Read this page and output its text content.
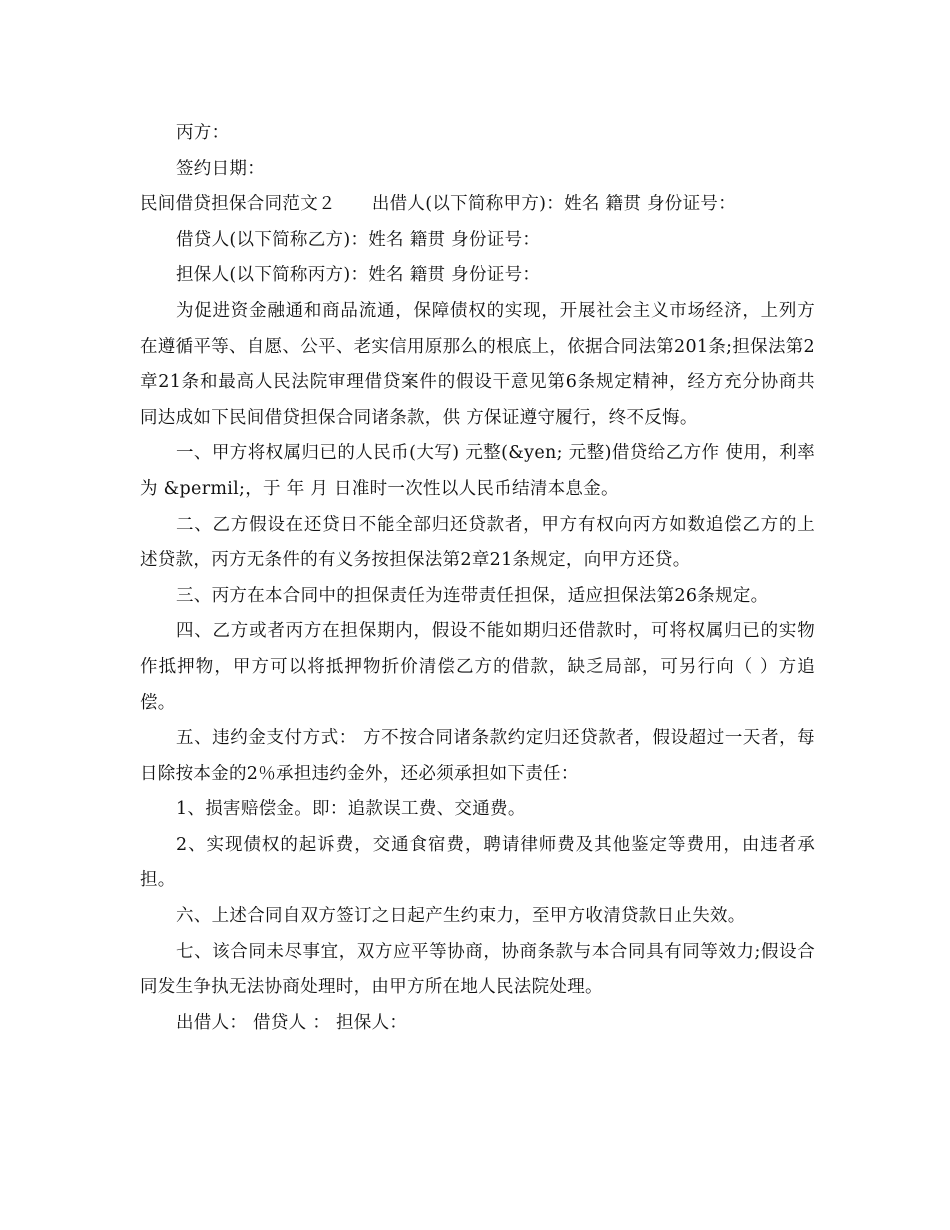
丙方：

签约日期：

民间借贷担保合同范文２ 出借人(以下简称甲方)：姓名 籍贯 身份证号：

借贷人(以下简称乙方)：姓名 籍贯 身份证号：

担保人(以下简称丙方)：姓名 籍贯 身份证号：

为促进资金融通和商品流通，保障债权的实现，开展社会主义市场经济，上列方在遵循平等、自愿、公平、老实信用原那么的根底上，依据合同法第201条;担保法第2章21条和最高人民法院审理借贷案件的假设干意见第6条规定精神，经方充分协商共同达成如下民间借贷担保合同诸条款，供 方保证遵守履行，终不反悔。

一、甲方将权属归已的人民币(大写) 元整(&yen; 元整)借贷给乙方作 使用，利率为 &permil;，于 年 月 日准时一次性以人民币结清本息金。

二、乙方假设在还贷日不能全部归还贷款者，甲方有权向丙方如数追偿乙方的上述贷款，丙方无条件的有义务按担保法第2章21条规定，向甲方还贷。

三、丙方在本合同中的担保责任为连带责任担保，适应担保法第26条规定。

四、乙方或者丙方在担保期内，假设不能如期归还借款时，可将权属归已的实物作抵押物，甲方可以将抵押物折价清偿乙方的借款，缺乏局部，可另行向（ ）方追偿。

五、违约金支付方式： 方不按合同诸条款约定归还贷款者，假设超过一天者，每日除按本金的2％承担违约金外，还必须承担如下责任：

1、损害赔偿金。即：追款误工费、交通费。

2、实现债权的起诉费，交通食宿费，聘请律师费及其他鉴定等费用，由违者承担。

六、上述合同自双方签订之日起产生约束力，至甲方收清贷款日止失效。

七、该合同未尽事宜，双方应平等协商，协商条款与本合同具有同等效力;假设合同发生争执无法协商处理时，由甲方所在地人民法院处理。

出借人： 借贷人 ： 担保人：
